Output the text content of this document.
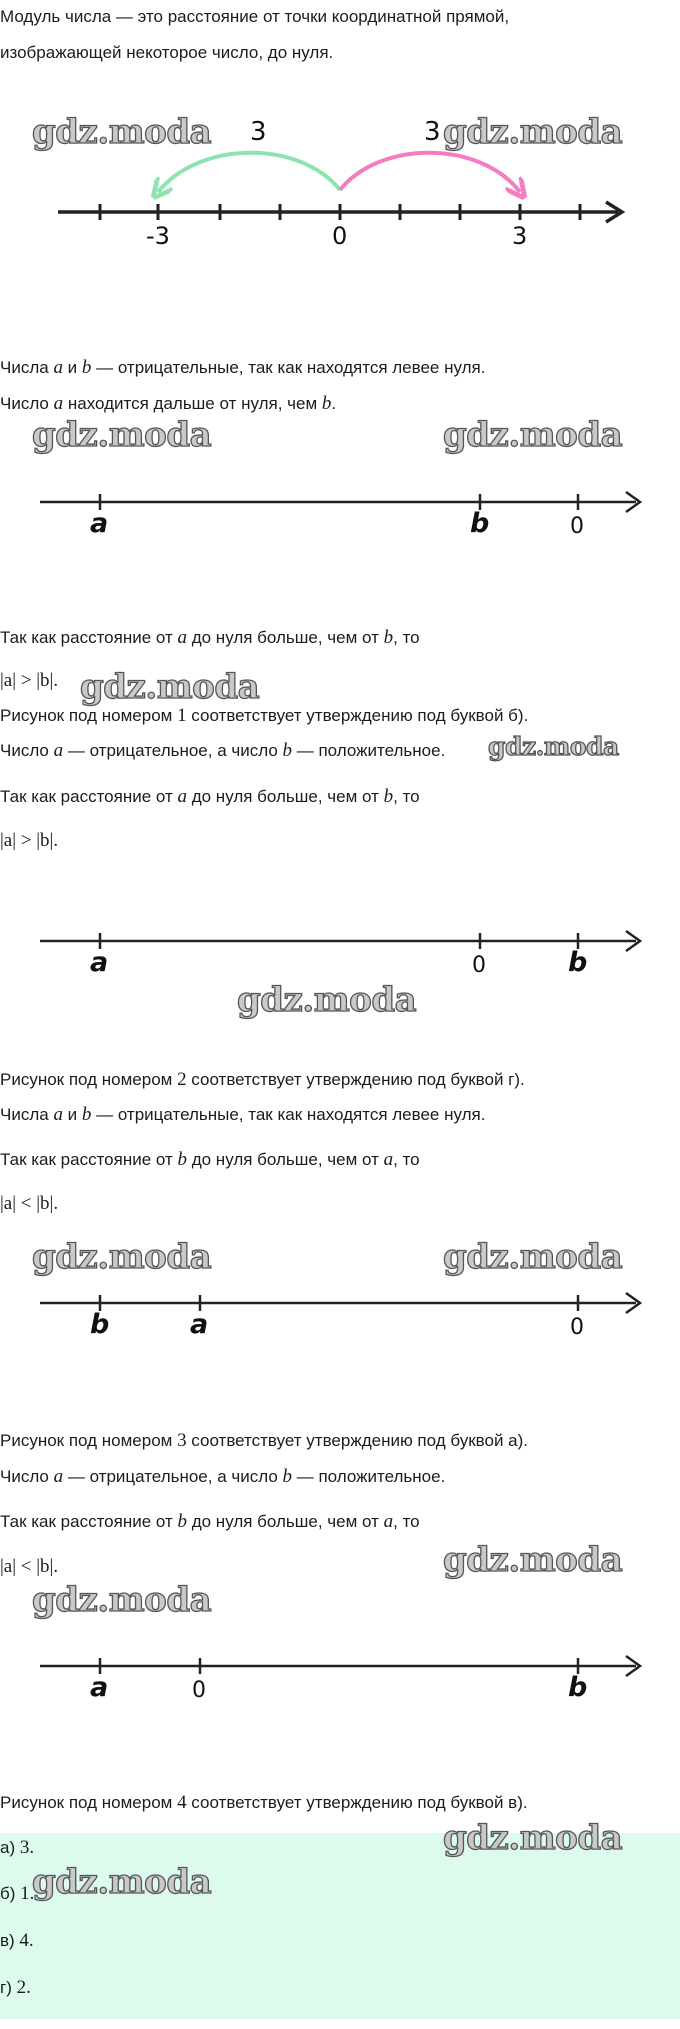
Модуль числа — это расстояние от точки координатной прямой,
изображающей некоторое число, до нуля.
gdz.moda	gdz.moda
3	3
-3	0	3
Числа a и b — отрицательные, так как находятся левее нуля.
Число a находится дальше от нуля, чем b.
gdz.moda	gdz.moda
a	b	0
Так как расстояние от a до нуля больше, чем от b, то
|a| > |b|. gdz.moda
Рисунок под номером 1 соответствует утверждению под буквой б).
Число a — отрицательное, а число b — положительное. gdz.moda
Так как расстояние от a до нуля больше, чем от b, то
|a| > |b|.
a	0	b
gdz.moda
Рисунок под номером 2 соответствует утверждению под буквой г).
Числа a и b — отрицательные, так как находятся левее нуля.
Так как расстояние от b до нуля больше, чем от a, то
|a| < |b|.
gdz.moda	gdz.moda
b	a	0
Рисунок под номером 3 соответствует утверждению под буквой а).
Число a — отрицательное, а число b — положительное.
Так как расстояние от b до нуля больше, чем от a, то
gdz.moda
|a| < |b|.
gdz.moda
a	0	b
Рисунок под номером 4 соответствует утверждению под буквой в).
а) 3.
б) 1.
в) 4.
г) 2.
gdz.moda
gdz.moda
